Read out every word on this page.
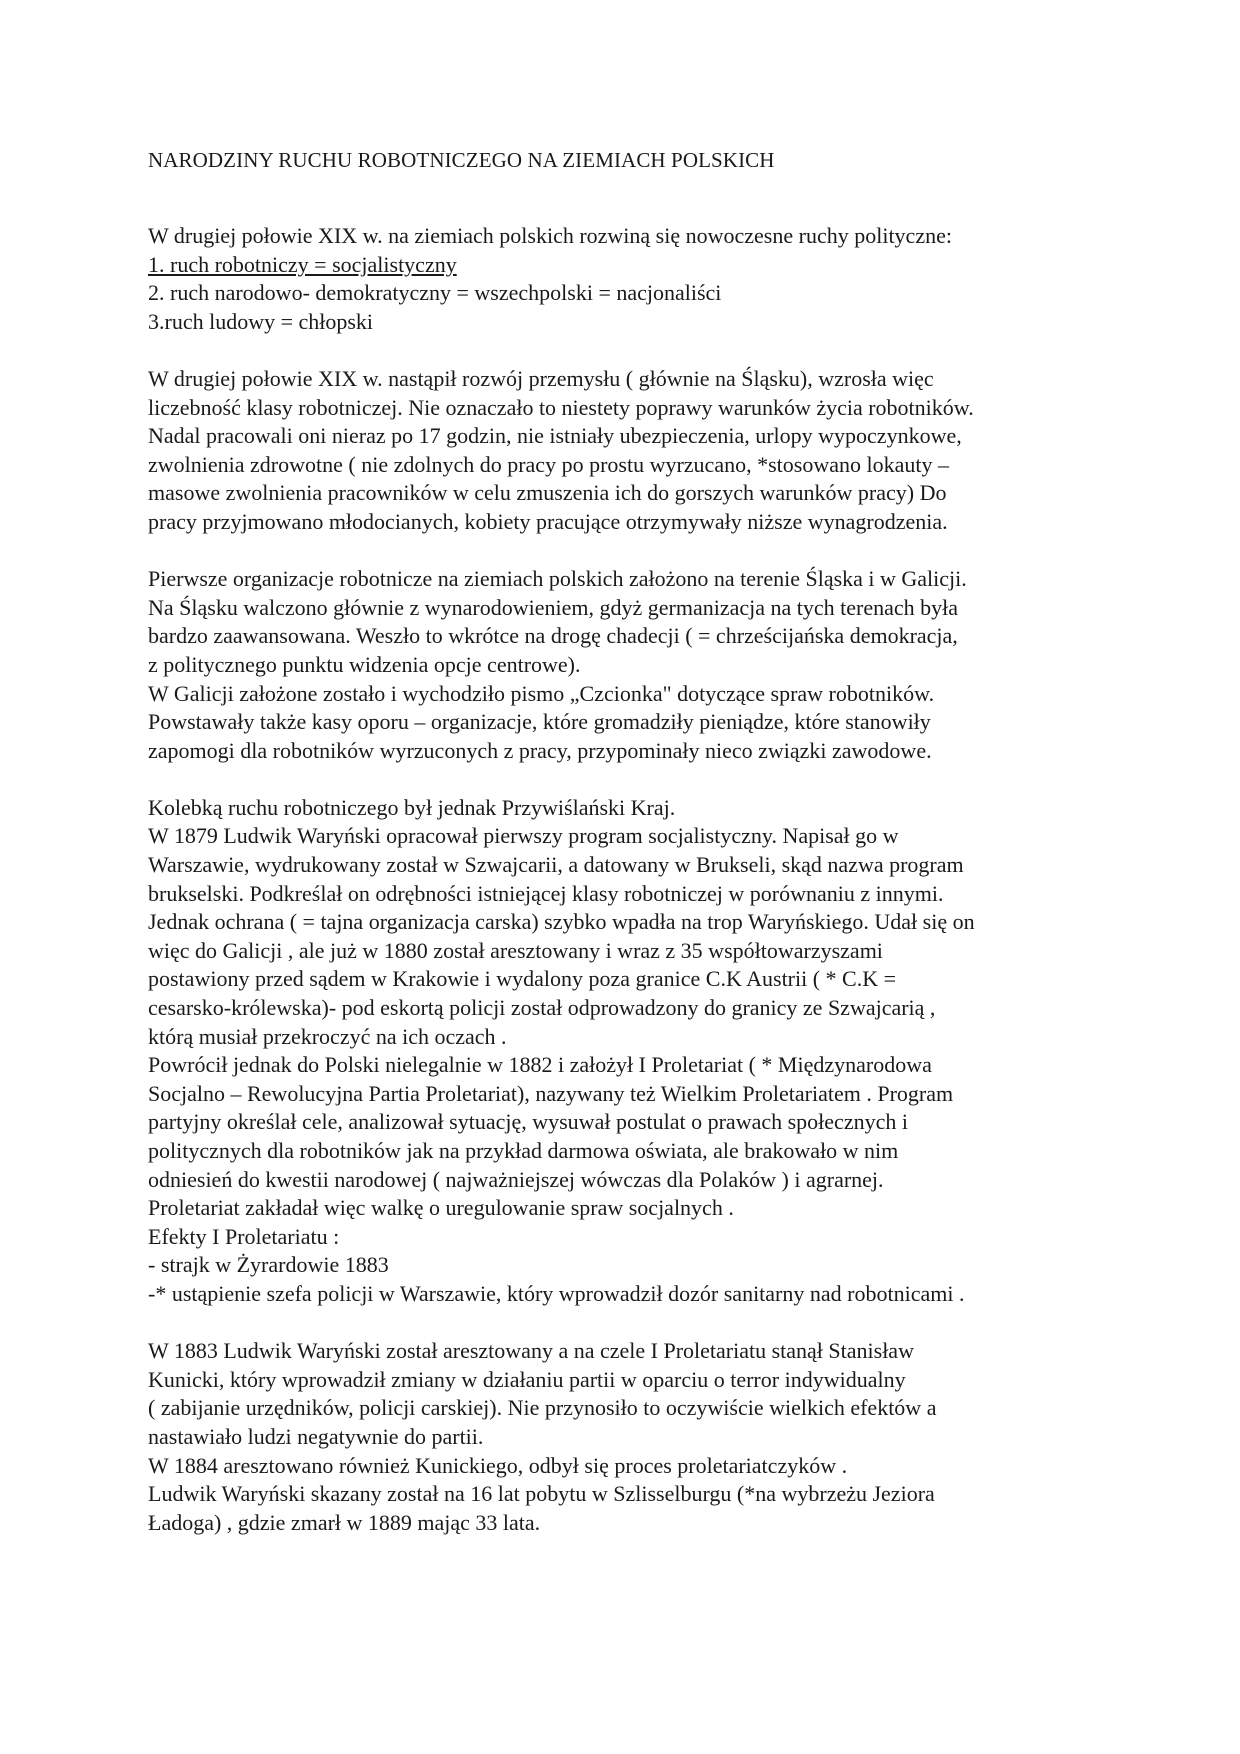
NARODZINY RUCHU ROBOTNICZEGO NA ZIEMIACH POLSKICH
W drugiej połowie XIX w. na ziemiach polskich rozwiną się nowoczesne ruchy polityczne:
1. ruch robotniczy = socjalistyczny
2. ruch narodowo- demokratyczny = wszechpolski = nacjonaliści
3.ruch ludowy = chłopski
W drugiej połowie XIX w. nastąpił rozwój przemysłu ( głównie na Śląsku), wzrosła więc
liczebność klasy robotniczej. Nie oznaczało to niestety poprawy warunków życia robotników.
Nadal pracowali oni nieraz po 17 godzin, nie istniały ubezpieczenia, urlopy wypoczynkowe,
zwolnienia zdrowotne ( nie zdolnych do pracy po prostu wyrzucano, *stosowano lokauty –
masowe zwolnienia pracowników w celu zmuszenia ich do gorszych warunków pracy) Do
pracy przyjmowano młodocianych, kobiety pracujące otrzymywały niższe wynagrodzenia.
Pierwsze organizacje robotnicze na ziemiach polskich założono na terenie Śląska i w Galicji.
Na Śląsku walczono głównie z wynarodowieniem, gdyż germanizacja na tych terenach była
bardzo zaawansowana. Weszło to wkrótce na drogę chadecji ( = chrześcijańska demokracja,
z politycznego punktu widzenia opcje centrowe).
W Galicji założone zostało i wychodziło pismo „Czcionka" dotyczące spraw robotników.
Powstawały także kasy oporu – organizacje, które gromadziły pieniądze, które stanowiły
zapomogi dla robotników wyrzuconych z pracy, przypominały nieco związki zawodowe.
Kolebką ruchu robotniczego był jednak Przywiślański Kraj.
W 1879 Ludwik Waryński opracował pierwszy program socjalistyczny. Napisał go w
Warszawie, wydrukowany został w Szwajcarii, a datowany w Brukseli, skąd nazwa program
brukselski. Podkreślał on odrębności istniejącej klasy robotniczej w porównaniu z innymi.
Jednak ochrana ( = tajna organizacja carska) szybko wpadła na trop Waryńskiego. Udał się on
więc do Galicji , ale już w 1880 został aresztowany i wraz z 35 współtowarzyszami
postawiony przed sądem w Krakowie i wydalony poza granice C.K Austrii ( * C.K =
cesarsko-królewska)- pod eskortą policji został odprowadzony do granicy ze Szwajcarią ,
którą musiał przekroczyć na ich oczach .
Powrócił jednak do Polski nielegalnie w 1882 i założył I Proletariat ( * Międzynarodowa
Socjalno – Rewolucyjna Partia Proletariat), nazywany też Wielkim Proletariatem . Program
partyjny określał cele, analizował sytuację, wysuwał postulat o prawach społecznych i
politycznych dla robotników jak na przykład darmowa oświata, ale brakowało w nim
odniesień do kwestii narodowej ( najważniejszej wówczas dla Polaków ) i agrarnej.
Proletariat zakładał więc walkę o uregulowanie spraw socjalnych .
Efekty I Proletariatu :
- strajk w Żyrardowie 1883
-* ustąpienie szefa policji w Warszawie, który wprowadził dozór sanitarny nad robotnicami .
W 1883 Ludwik Waryński został aresztowany a na czele I Proletariatu stanął Stanisław
Kunicki, który wprowadził zmiany w działaniu partii w oparciu o terror indywidualny
( zabijanie urzędników, policji carskiej). Nie przynosiło to oczywiście wielkich efektów a
nastawiało ludzi negatywnie do partii.
W 1884 aresztowano również Kunickiego, odbył się proces proletariatczyków .
Ludwik Waryński skazany został na 16 lat pobytu w Szlisselburgu (*na wybrzeżu Jeziora
Ładoga) , gdzie zmarł w 1889 mając 33 lata.
